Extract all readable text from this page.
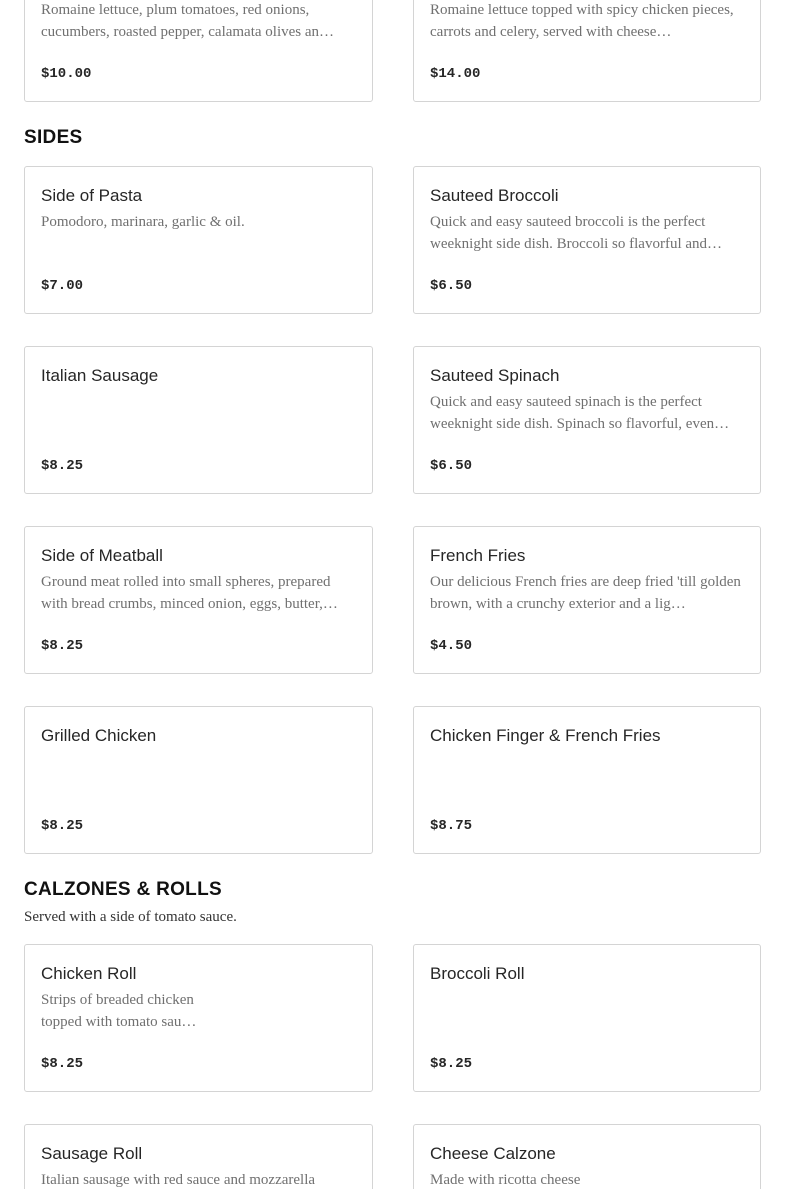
Romaine lettuce, plum tomatoes, red onions, cucumbers, roasted pepper, calamata olives an…
$10.00
Romaine lettuce topped with spicy chicken pieces, carrots and celery, served with cheese…
$14.00
SIDES
Side of Pasta
Pomodoro, marinara, garlic & oil.
$7.00
Sauteed Broccoli
Quick and easy sauteed broccoli is the perfect weeknight side dish. Broccoli so flavorful and…
$6.50
Italian Sausage
$8.25
Sauteed Spinach
Quick and easy sauteed spinach is the perfect weeknight side dish. Spinach so flavorful, even…
$6.50
Side of Meatball
Ground meat rolled into small spheres, prepared with bread crumbs, minced onion, eggs, butter,…
$8.25
French Fries
Our delicious French fries are deep fried 'till golden brown, with a crunchy exterior and a lig…
$4.50
Grilled Chicken
$8.25
Chicken Finger & French Fries
$8.75
CALZONES & ROLLS
Served with a side of tomato sauce.
Chicken Roll
Strips of breaded chicken topped with tomato sau…
$8.25
Broccoli Roll
$8.25
Sausage Roll
Italian sausage with red sauce and mozzarella
Cheese Calzone
Made with ricotta cheese
